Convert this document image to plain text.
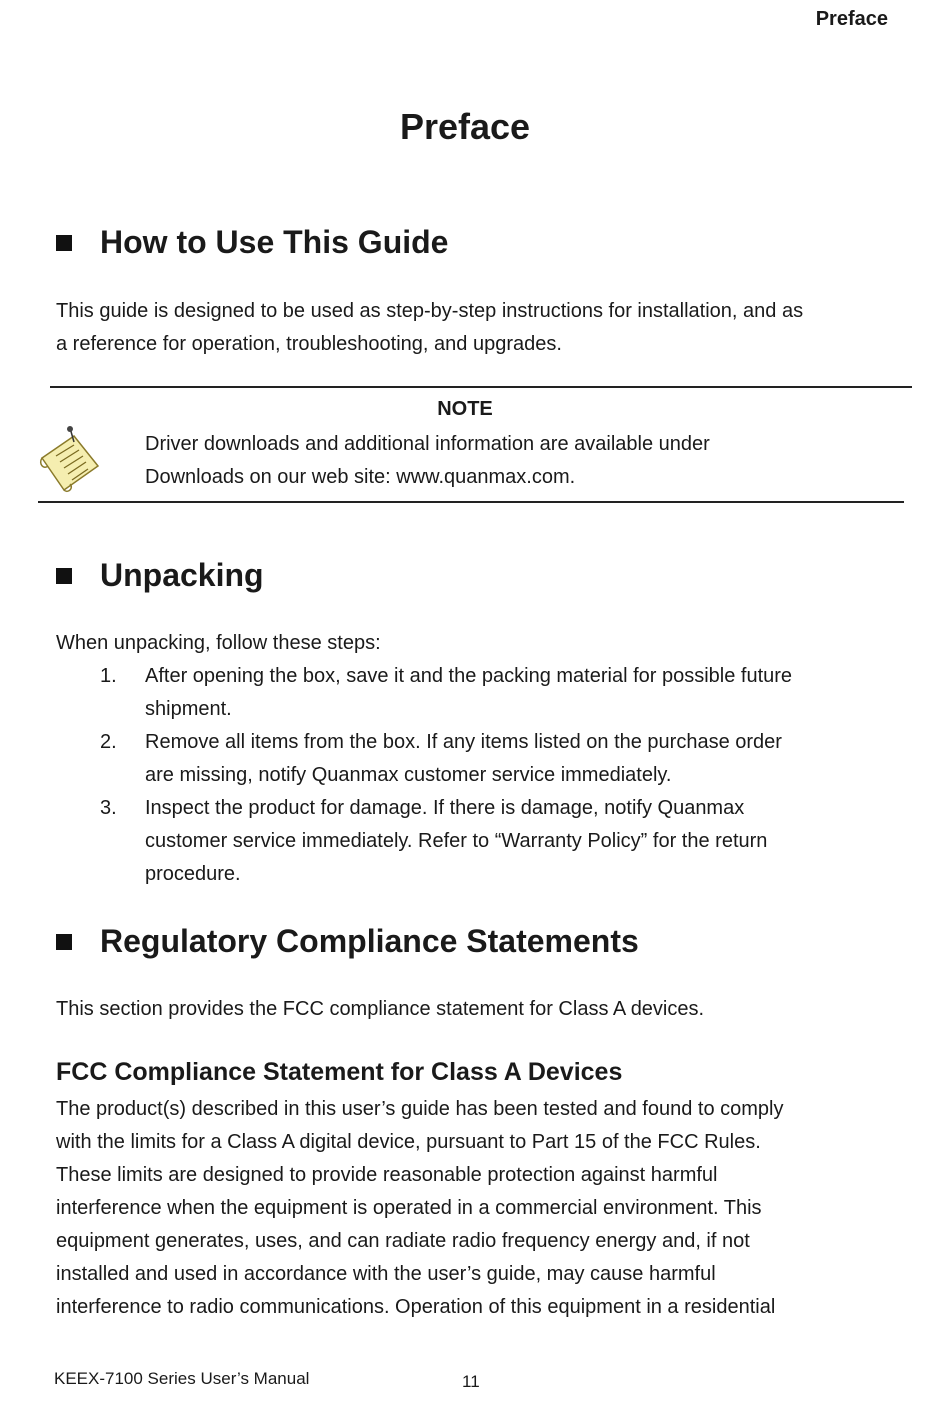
Preface
Preface
How to Use This Guide
This guide is designed to be used as step-by-step instructions for installation, and as
a reference for operation, troubleshooting, and upgrades.
NOTE
Driver downloads and additional information are available under
Downloads on our web site: www.quanmax.com.
Unpacking
When unpacking, follow these steps:
1.	After opening the box, save it and the packing material for possible future
shipment.
2.	Remove all items from the box. If any items listed on the purchase order
are missing, notify Quanmax customer service immediately.
3.	Inspect the product for damage. If there is damage, notify Quanmax
customer service immediately. Refer to “Warranty Policy” for the return
procedure.
Regulatory Compliance Statements
This section provides the FCC compliance statement for Class A devices.
FCC Compliance Statement for Class A Devices
The product(s) described in this user’s guide has been tested and found to comply
with the limits for a Class A digital device, pursuant to Part 15 of the FCC Rules.
These limits are designed to provide reasonable protection against harmful
interference when the equipment is operated in a commercial environment. This
equipment generates, uses, and can radiate radio frequency energy and, if not
installed and used in accordance with the user’s guide, may cause harmful
interference to radio communications. Operation of this equipment in a residential
KEEX-7100 Series User’s Manual	11
